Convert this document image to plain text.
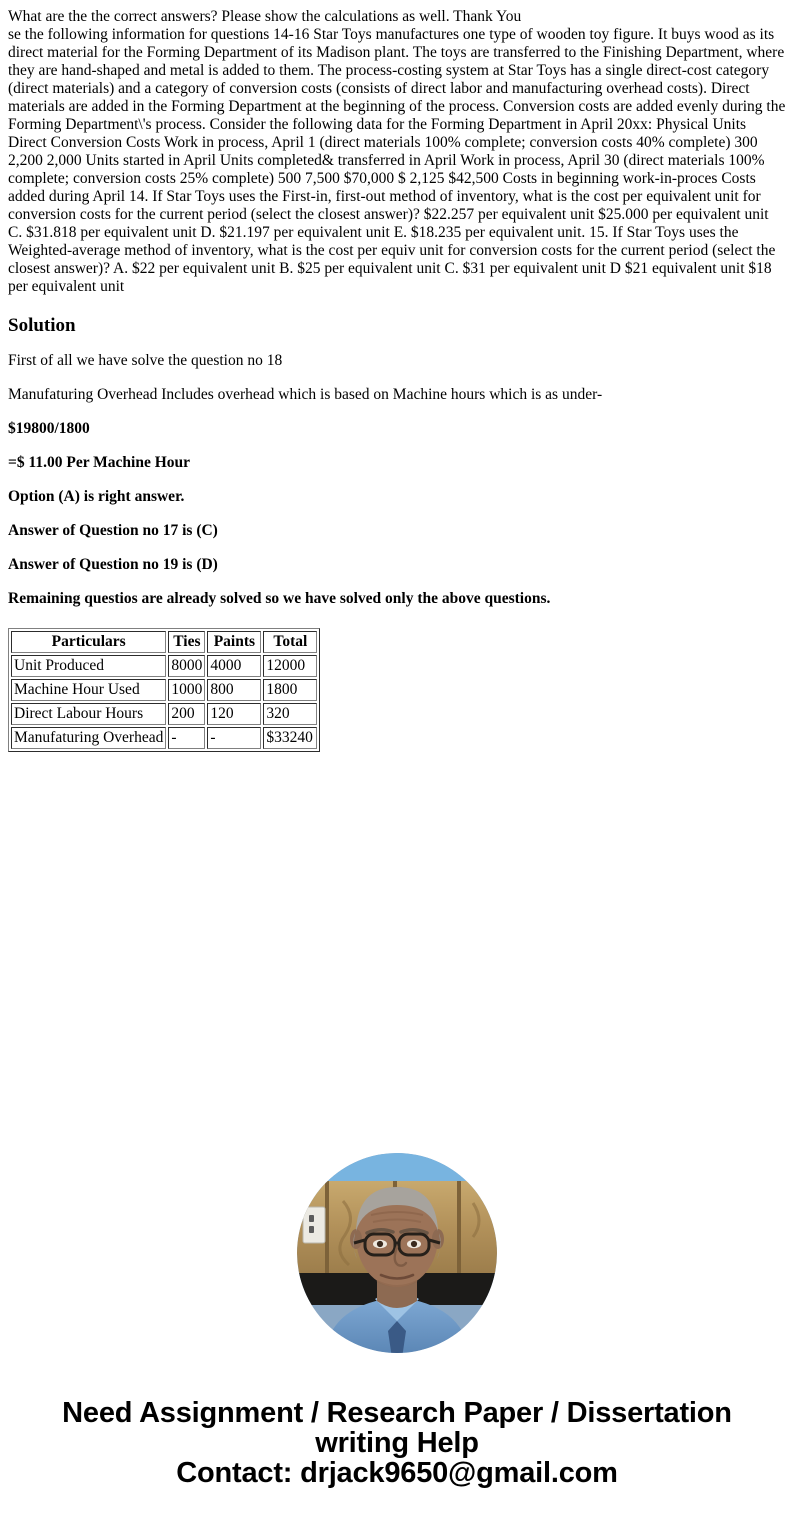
What are the the correct answers? Please show the calculations as well. Thank You

se the following information for questions 14-16 Star Toys manufactures one type of wooden toy figure. It buys wood as its direct material for the Forming Department of its Madison plant. The toys are transferred to the Finishing Department, where they are hand-shaped and metal is added to them. The process-costing system at Star Toys has a single direct-cost category (direct materials) and a category of conversion costs (consists of direct labor and manufacturing overhead costs). Direct materials are added in the Forming Department at the beginning of the process. Conversion costs are added evenly during the Forming Department\'s process. Consider the following data for the Forming Department in April 20xx: Physical Units Direct Conversion Costs Work in process, April 1 (direct materials 100% complete; conversion costs 40% complete) 300 2,200 2,000 Units started in April Units completed& transferred in April Work in process, April 30 (direct materials 100% complete; conversion costs 25% complete) 500 7,500 $70,000 $ 2,125 $42,500 Costs in beginning work-in-proces Costs added during April 14. If Star Toys uses the First-in, first-out method of inventory, what is the cost per equivalent unit for conversion costs for the current period (select the closest answer)? $22.257 per equivalent unit $25.000 per equivalent unit C. $31.818 per equivalent unit D. $21.197 per equivalent unit E. $18.235 per equivalent unit. 15. If Star Toys uses the Weighted-average method of inventory, what is the cost per equiv unit for conversion costs for the current period (select the closest answer)? A. $22 per equivalent unit B. $25 per equivalent unit C. $31 per equivalent unit D $21 equivalent unit $18 per equivalent unit

Solution

First of all we have solve the question no 18

Manufaturing Overhead Includes overhead which is based on Machine hours which is as under-

$19800/1800

=$ 11.00 Per Machine Hour

Option (A) is right answer.

Answer of Question no 17 is (C)

Answer of Question no 19 is (D)

Remaining questios are already solved so we have solved only the above questions.

Particulars	Ties	Paints	Total
Unit Produced	8000	4000	12000
Machine Hour Used	1000	800	1800
Direct Labour Hours	200	120	320
Manufaturing Overhead	-	-	$33240
Need Assignment / Research Paper / Dissertation
writing Help
Contact: drjack9650@gmail.com
